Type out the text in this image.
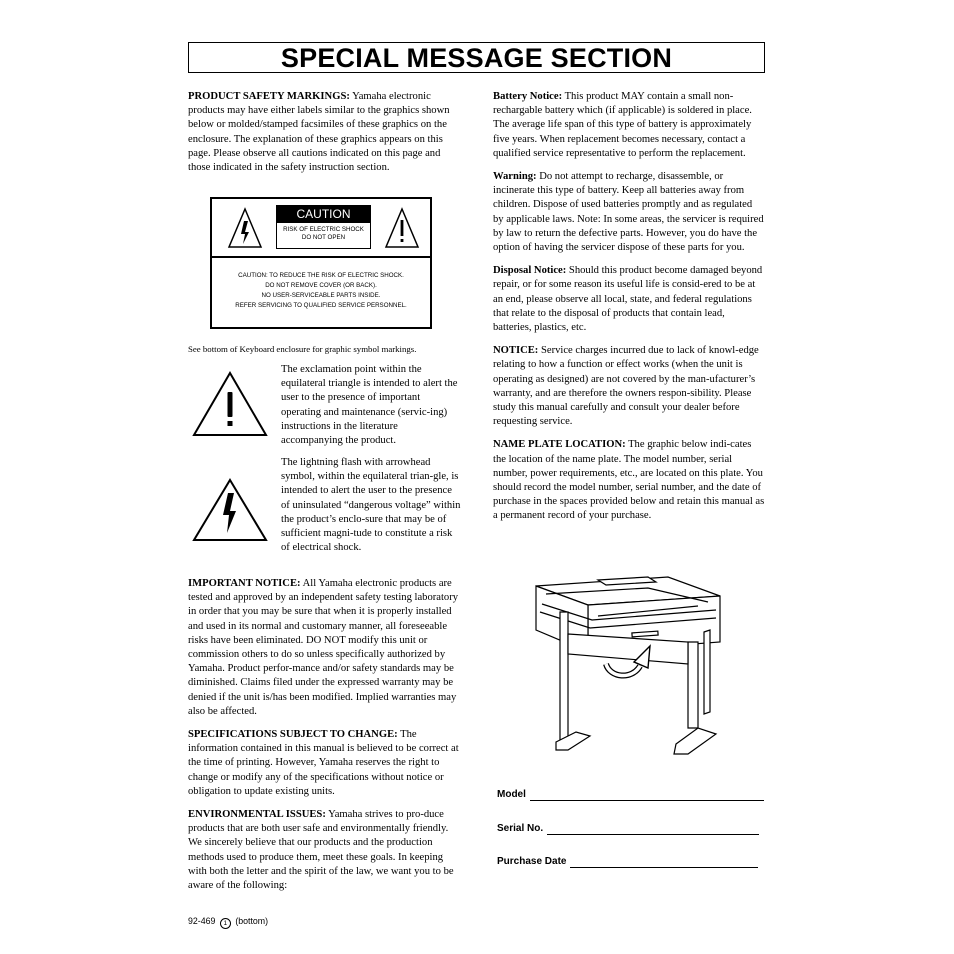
SPECIAL MESSAGE SECTION

PRODUCT SAFETY MARKINGS: Yamaha electronic products may have either labels similar to the graphics shown below or molded/stamped facsimiles of these graphics on the enclosure. The explanation of these graphics appears on this page. Please observe all cautions indicated on this page and those indicated in the safety instruction section.

CAUTION
RISK OF ELECTRIC SHOCK
DO NOT OPEN
CAUTION: TO REDUCE THE RISK OF ELECTRIC SHOCK.
DO NOT REMOVE COVER (OR BACK).
NO USER-SERVICEABLE PARTS INSIDE.
REFER SERVICING TO QUALIFIED SERVICE PERSONNEL.
See bottom of Keyboard enclosure for graphic symbol markings.
The exclamation point within the equilateral triangle is intended to alert the user to the presence of important operating and maintenance (servic-ing) instructions in the literature accompanying the product.
The lightning flash with arrowhead symbol, within the equilateral trian-gle, is intended to alert the user to the presence of uninsulated “dangerous voltage” within the product’s enclo-sure that may be of sufficient magni-tude to constitute a risk of electrical shock.

IMPORTANT NOTICE: All Yamaha electronic products are tested and approved by an independent safety testing laboratory in order that you may be sure that when it is properly installed and used in its normal and customary manner, all foreseeable risks have been eliminated. DO NOT modify this unit or commission others to do so unless specifically authorized by Yamaha. Product perfor-mance and/or safety standards may be diminished. Claims filed under the expressed warranty may be denied if the unit is/has been modified. Implied warranties may also be affected.

SPECIFICATIONS SUBJECT TO CHANGE: The information contained in this manual is believed to be correct at the time of printing. However, Yamaha reserves the right to change or modify any of the specifications without notice or obligation to update existing units.

ENVIRONMENTAL ISSUES: Yamaha strives to pro-duce products that are both user safe and environmentally friendly. We sincerely believe that our products and the production methods used to produce them, meet these goals. In keeping with both the letter and the spirit of the law, we want you to be aware of the following:

Battery Notice: This product MAY contain a small non-rechargable battery which (if applicable) is soldered in place. The average life span of this type of battery is approximately five years. When replacement becomes necessary, contact a qualified service representative to perform the replacement.

Warning: Do not attempt to recharge, disassemble, or incinerate this type of battery. Keep all batteries away from children. Dispose of used batteries promptly and as regulated by applicable laws. Note: In some areas, the servicer is required by law to return the defective parts. However, you do have the option of having the servicer dispose of these parts for you.

Disposal Notice: Should this product become damaged beyond repair, or for some reason its useful life is consid-ered to be at an end, please observe all local, state, and federal regulations that relate to the disposal of products that contain lead, batteries, plastics, etc.

NOTICE: Service charges incurred due to lack of knowl-edge relating to how a function or effect works (when the unit is operating as designed) are not covered by the man-ufacturer’s warranty, and are therefore the owners respon-sibility. Please study this manual carefully and consult your dealer before requesting service.

NAME PLATE LOCATION: The graphic below indi-cates the location of the name plate. The model number, serial number, power requirements, etc., are located on this plate. You should record the model number, serial number, and the date of purchase in the spaces provided below and retain this manual as a permanent record of your purchase.

Model
Serial No.
Purchase Date
92-469 1 (bottom)
